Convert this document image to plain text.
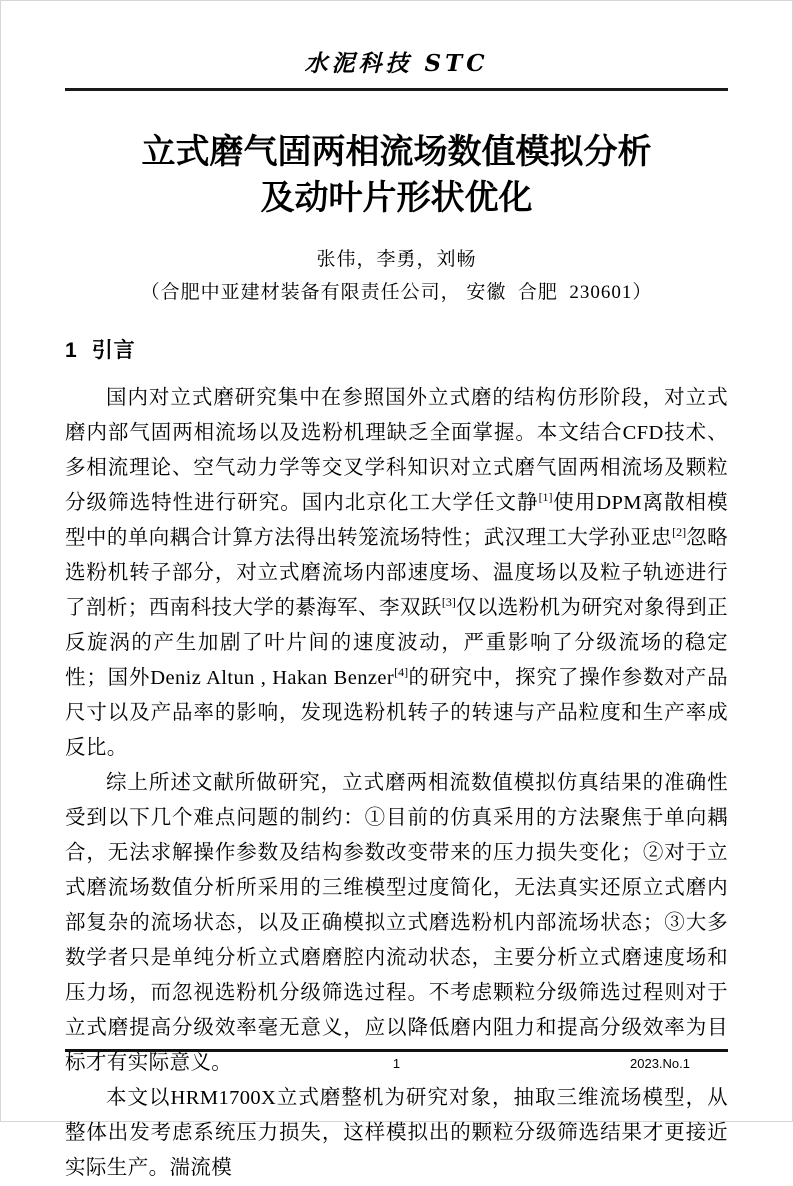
水泥科技 STC
立式磨气固两相流场数值模拟分析
及动叶片形状优化
张伟，李勇，刘畅
（合肥中亚建材装备有限责任公司， 安徽  合肥  230601）
1 引言

国内对立式磨研究集中在参照国外立式磨的结构仿形阶段，对立式磨内部气固两相流场以及选粉机理缺乏全面掌握。本文结合CFD技术、多相流理论、空气动力学等交叉学科知识对立式磨气固两相流场及颗粒分级筛选特性进行研究。国内北京化工大学任文静[1]使用DPM离散相模型中的单向耦合计算方法得出转笼流场特性；武汉理工大学孙亚忠[2]忽略选粉机转子部分，对立式磨流场内部速度场、温度场以及粒子轨迹进行了剖析；西南科技大学的綦海军、李双跃[3]仅以选粉机为研究对象得到正反旋涡的产生加剧了叶片间的速度波动，严重影响了分级流场的稳定性；国外Deniz Altun , Hakan Benzer[4]的研究中，探究了操作参数对产品尺寸以及产品率的影响，发现选粉机转子的转速与产品粒度和生产率成反比。

综上所述文献所做研究，立式磨两相流数值模拟仿真结果的准确性受到以下几个难点问题的制约：①目前的仿真采用的方法聚焦于单向耦合，无法求解操作参数及结构参数改变带来的压力损失变化；②对于立式磨流场数值分析所采用的三维模型过度简化，无法真实还原立式磨内部复杂的流场状态，以及正确模拟立式磨选粉机内部流场状态；③大多数学者只是单纯分析立式磨磨腔内流动状态，主要分析立式磨速度场和压力场，而忽视选粉机分级筛选过程。不考虑颗粒分级筛选过程则对于立式磨提高分级效率毫无意义，应以降低磨内阻力和提高分级效率为目标才有实际意义。

本文以HRM1700X立式磨整机为研究对象，抽取三维流场模型，从整体出发考虑系统压力损失，这样模拟出的颗粒分级筛选结果才更接近实际生产。湍流模

1	2023.No.1
